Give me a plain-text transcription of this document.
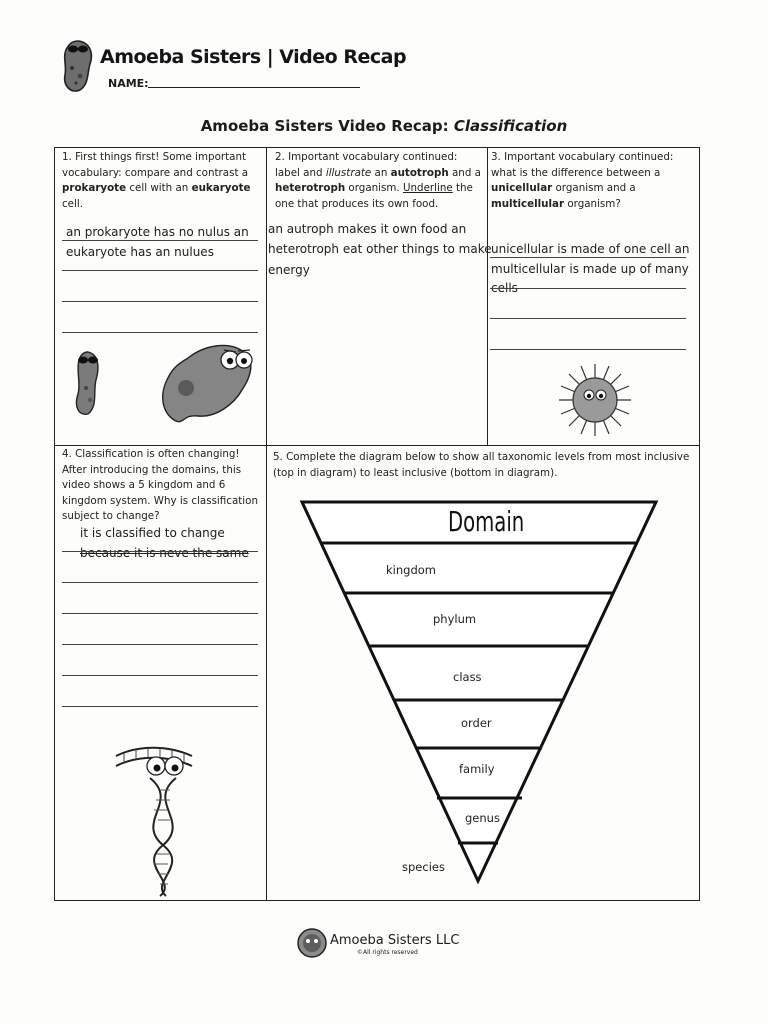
Amoeba Sisters | Video Recap
NAME:
Amoeba Sisters Video Recap: Classification
1. First things first! Some important vocabulary: compare and contrast a prokaryote cell with an eukaryote cell.
an prokaryote has no nulus an
eukaryote has an nulues
2. Important vocabulary continued: label and illustrate an autotroph and a heterotroph organism. Underline the one that produces its own food.
an autroph makes it own food an
heterotroph eat other things to make
energy
3. Important vocabulary continued: what is the difference between a unicellular organism and a multicellular organism?
unicellular is made of one cell an
multicellular is made up of many
cells
4. Classification is often changing! After introducing the domains, this video shows a 5 kingdom and 6 kingdom system. Why is classification subject to change?
it is classified to change
because it is neve the same
5. Complete the diagram below to show all taxonomic levels from most inclusive (top in diagram) to least inclusive (bottom in diagram).
Domain
kingdom
phylum
class
order
family
genus
species
Amoeba Sisters LLC
©All rights reserved
